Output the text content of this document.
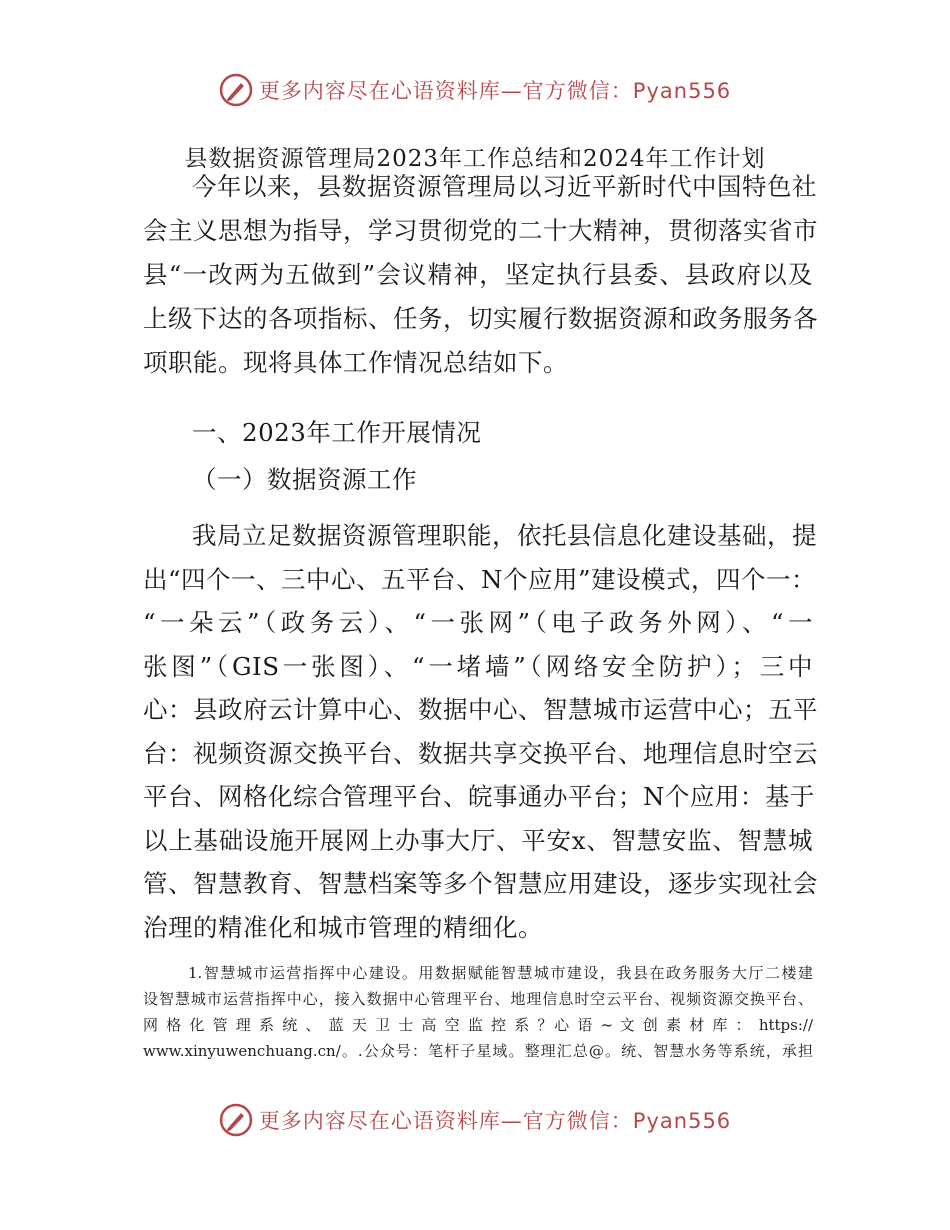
更多内容尽在心语资料库—官方微信：Pyan556
县数据资源管理局2023年工作总结和2024年工作计划
今年以来，县数据资源管理局以习近平新时代中国特色社
会主义思想为指导，学习贯彻党的二十大精神，贯彻落实省市
县“一改两为五做到”会议精神，坚定执行县委、县政府以及
上级下达的各项指标、任务，切实履行数据资源和政务服务各
项职能。现将具体工作情况总结如下。
一、2023年工作开展情况
（一）数据资源工作
我局立足数据资源管理职能，依托县信息化建设基础，提
出“四个一、三中心、五平台、N个应用”建设模式，四个一：
“一朵云”（政务云）、“一张网”（电子政务外网）、“一
张图”（GIS一张图）、“一堵墙”（网络安全防护）；三中
心：县政府云计算中心、数据中心、智慧城市运营中心；五平
台：视频资源交换平台、数据共享交换平台、地理信息时空云
平台、网格化综合管理平台、皖事通办平台；N个应用：基于
以上基础设施开展网上办事大厅、平安x、智慧安监、智慧城
管、智慧教育、智慧档案等多个智慧应用建设，逐步实现社会
治理的精准化和城市管理的精细化。
1.智慧城市运营指挥中心建设。用数据赋能智慧城市建设，我县在政务服务大厅二楼建
设智慧城市运营指挥中心，接入数据中心管理平台、地理信息时空云平台、视频资源交换平台、
网 格 化 管 理 系 统 、 蓝 天 卫 士 高 空 监 控 系 ？心 语 ~ 文 创 素 材 库 ： https://
www.xinyuwenchuang.cn/。.公众号：笔杆子星域。整理汇总@。统、智慧水务等系统，承担
更多内容尽在心语资料库—官方微信：Pyan556
